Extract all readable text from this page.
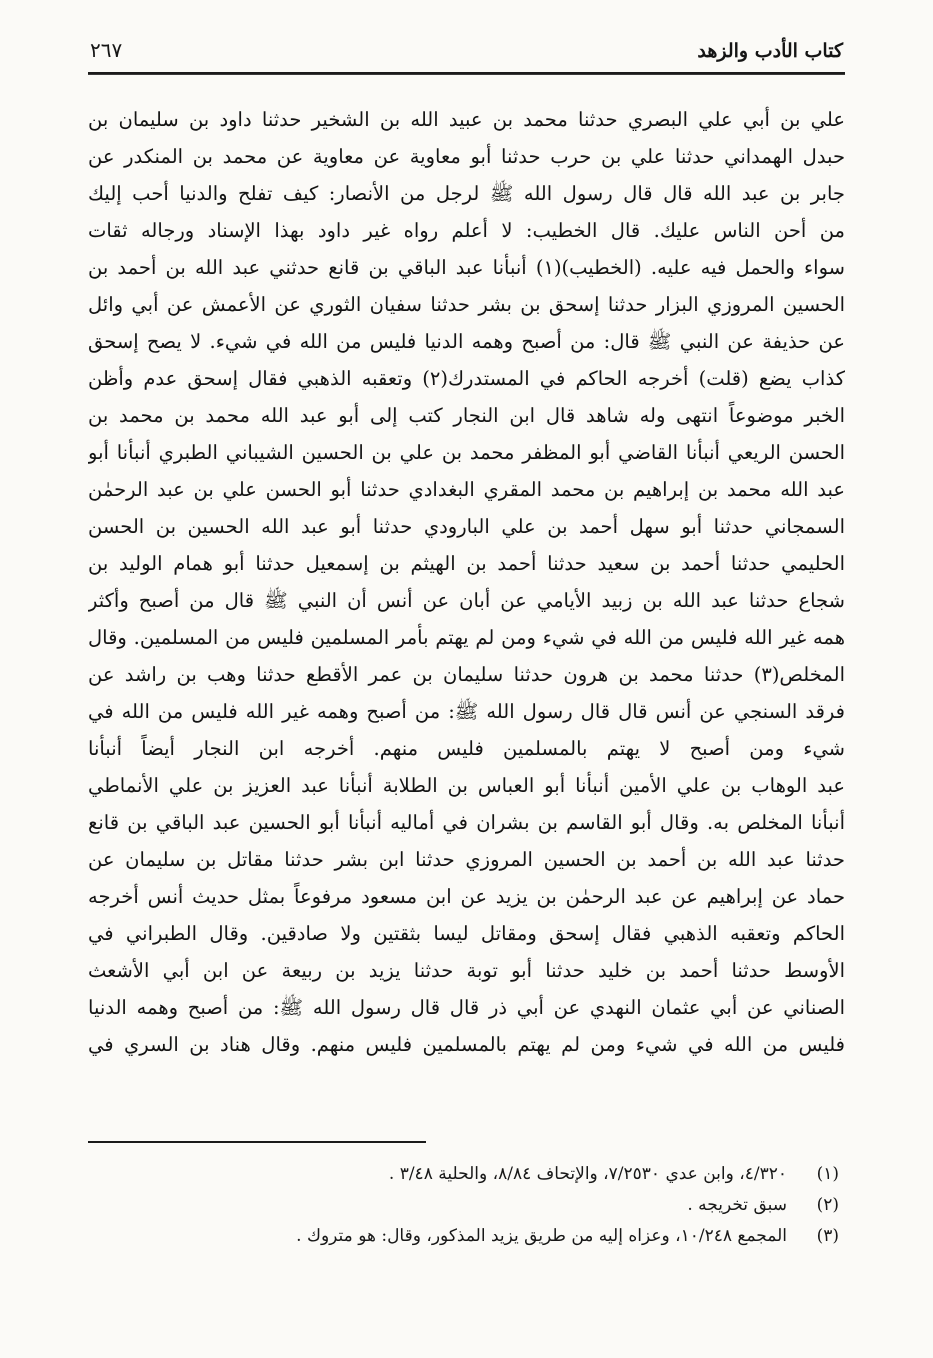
كتاب الأدب والزهد
٢٦٧
علي بن أبي علي البصري حدثنا محمد بن عبيد الله بن الشخير حدثنا داود بن سليمان بن
حبدل الهمداني حدثنا علي بن حرب حدثنا أبو معاوية عن معاوية عن محمد بن المنكدر عن
جابر بن عبد الله قال قال رسول الله ﷺ لرجل من الأنصار: كيف تفلح والدنيا أحب إليك
من أحن الناس عليك. قال الخطيب: لا أعلم رواه غير داود بهذا الإسناد ورجاله ثقات
سواء والحمل فيه عليه. (الخطيب)(١) أنبأنا عبد الباقي بن قانع حدثني عبد الله بن أحمد بن
الحسين المروزي البزار حدثنا إسحق بن بشر حدثنا سفيان الثوري عن الأعمش عن أبي وائل
عن حذيفة عن النبي ﷺ قال: من أصبح وهمه الدنيا فليس من الله في شيء. لا يصح إسحق
كذاب يضع (قلت) أخرجه الحاكم في المستدرك(٢) وتعقبه الذهبي فقال إسحق عدم وأظن
الخبر موضوعاً انتهى وله شاهد قال ابن النجار كتب إلى أبو عبد الله محمد بن محمد بن
الحسن الريعي أنبأنا القاضي أبو المظفر محمد بن علي بن الحسين الشيباني الطبري أنبأنا أبو
عبد الله محمد بن إبراهيم بن محمد المقري البغدادي حدثنا أبو الحسن علي بن عبد الرحمٰن
السمجاني حدثنا أبو سهل أحمد بن علي البارودي حدثنا أبو عبد الله الحسين بن الحسن
الحليمي حدثنا أحمد بن سعيد حدثنا أحمد بن الهيثم بن إسمعيل حدثنا أبو همام الوليد بن
شجاع حدثنا عبد الله بن زبيد الأيامي عن أبان عن أنس أن النبي ﷺ قال من أصبح وأكثر
همه غير الله فليس من الله في شيء ومن لم يهتم بأمر المسلمين فليس من المسلمين. وقال
المخلص(٣) حدثنا محمد بن هرون حدثنا سليمان بن عمر الأقطع حدثنا وهب بن راشد عن
فرقد السنجي عن أنس قال قال رسول الله ﷺ: من أصبح وهمه غير الله فليس من الله في
شيء ومن أصبح لا يهتم بالمسلمين فليس منهم. أخرجه ابن النجار أيضاً أنبأنا
عبد الوهاب بن علي الأمين أنبأنا أبو العباس بن الطلابة أنبأنا عبد العزيز بن علي الأنماطي
أنبأنا المخلص به. وقال أبو القاسم بن بشران في أماليه أنبأنا أبو الحسين عبد الباقي بن قانع
حدثنا عبد الله بن أحمد بن الحسين المروزي حدثنا ابن بشر حدثنا مقاتل بن سليمان عن
حماد عن إبراهيم عن عبد الرحمٰن بن يزيد عن ابن مسعود مرفوعاً بمثل حديث أنس أخرجه
الحاكم وتعقبه الذهبي فقال إسحق ومقاتل ليسا بثقتين ولا صادقين. وقال الطبراني في
الأوسط حدثنا أحمد بن خليد حدثنا أبو توبة حدثنا يزيد بن ربيعة عن ابن أبي الأشعث
الصناني عن أبي عثمان النهدي عن أبي ذر قال قال رسول الله ﷺ: من أصبح وهمه الدنيا
فليس من الله في شيء ومن لم يهتم بالمسلمين فليس منهم. وقال هناد بن السري في
(١)
٤/٣٢٠، وابن عدي ٧/٢٥٣٠، والإتحاف ٨/٨٤، والحلية ٣/٤٨ .
(٢)
سبق تخريجه .
(٣)
المجمع ١٠/٢٤٨، وعزاه إليه من طريق يزيد المذكور، وقال: هو متروك .
